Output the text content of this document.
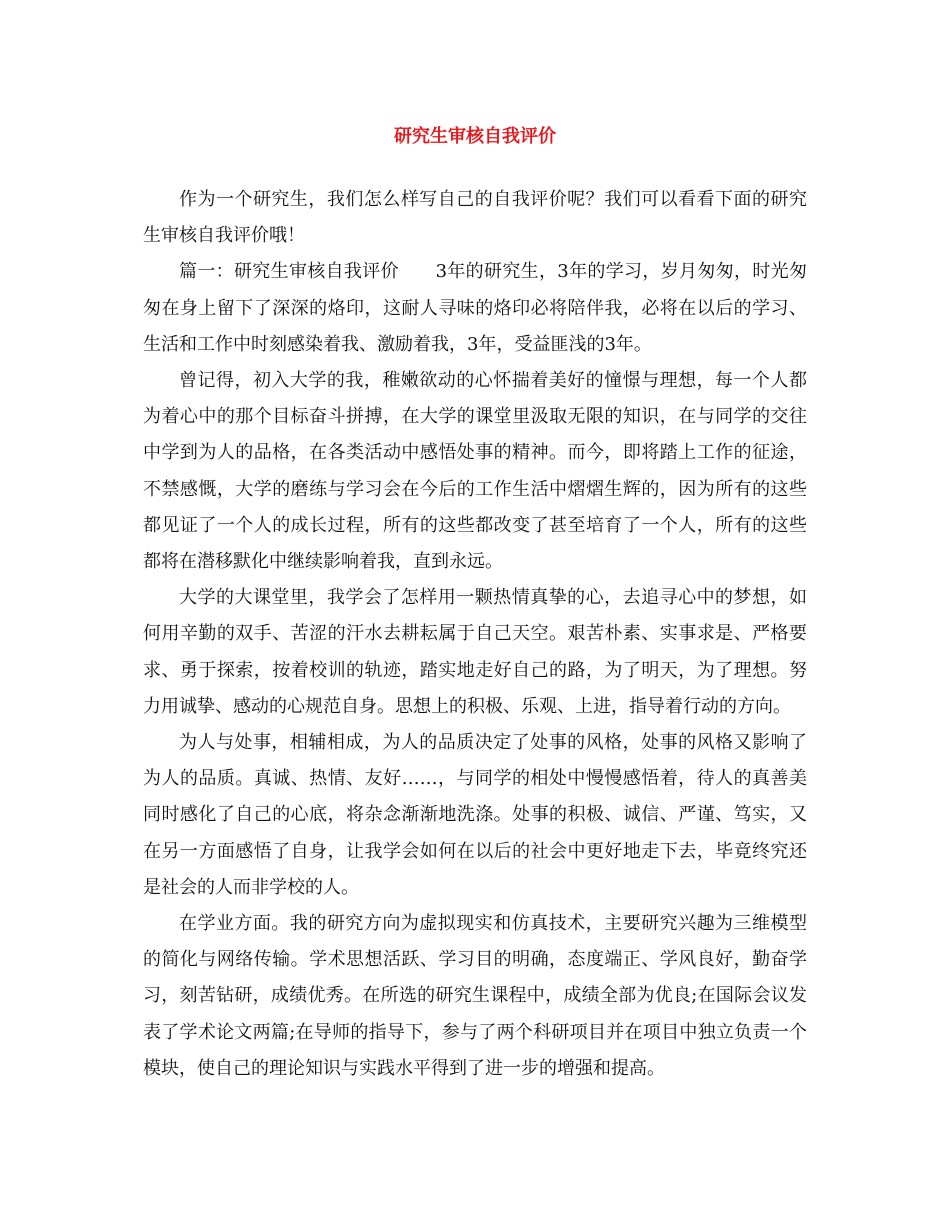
研究生审核自我评价

作为一个研究生，我们怎么样写自己的自我评价呢？我们可以看看下面的研究生审核自我评价哦！

篇一：研究生审核自我评价　　3年的研究生，3年的学习，岁月匆匆，时光匆匆在身上留下了深深的烙印，这耐人寻味的烙印必将陪伴我，必将在以后的学习、生活和工作中时刻感染着我、激励着我，3年，受益匪浅的3年。

曾记得，初入大学的我，稚嫩欲动的心怀揣着美好的憧憬与理想，每一个人都为着心中的那个目标奋斗拼搏，在大学的课堂里汲取无限的知识，在与同学的交往中学到为人的品格，在各类活动中感悟处事的精神。而今，即将踏上工作的征途，不禁感慨，大学的磨练与学习会在今后的工作生活中熠熠生辉的，因为所有的这些都见证了一个人的成长过程，所有的这些都改变了甚至培育了一个人，所有的这些都将在潜移默化中继续影响着我，直到永远。

大学的大课堂里，我学会了怎样用一颗热情真挚的心，去追寻心中的梦想，如何用辛勤的双手、苦涩的汗水去耕耘属于自己天空。艰苦朴素、实事求是、严格要求、勇于探索，按着校训的轨迹，踏实地走好自己的路，为了明天，为了理想。努力用诚挚、感动的心规范自身。思想上的积极、乐观、上进，指导着行动的方向。

为人与处事，相辅相成，为人的品质决定了处事的风格，处事的风格又影响了为人的品质。真诚、热情、友好……，与同学的相处中慢慢感悟着，待人的真善美同时感化了自己的心底，将杂念渐渐地洗涤。处事的积极、诚信、严谨、笃实，又在另一方面感悟了自身，让我学会如何在以后的社会中更好地走下去，毕竟终究还是社会的人而非学校的人。

在学业方面。我的研究方向为虚拟现实和仿真技术，主要研究兴趣为三维模型的简化与网络传输。学术思想活跃、学习目的明确，态度端正、学风良好，勤奋学习，刻苦钻研，成绩优秀。在所选的研究生课程中，成绩全部为优良;在国际会议发表了学术论文两篇;在导师的指导下，参与了两个科研项目并在项目中独立负责一个模块，使自己的理论知识与实践水平得到了进一步的增强和提高。
